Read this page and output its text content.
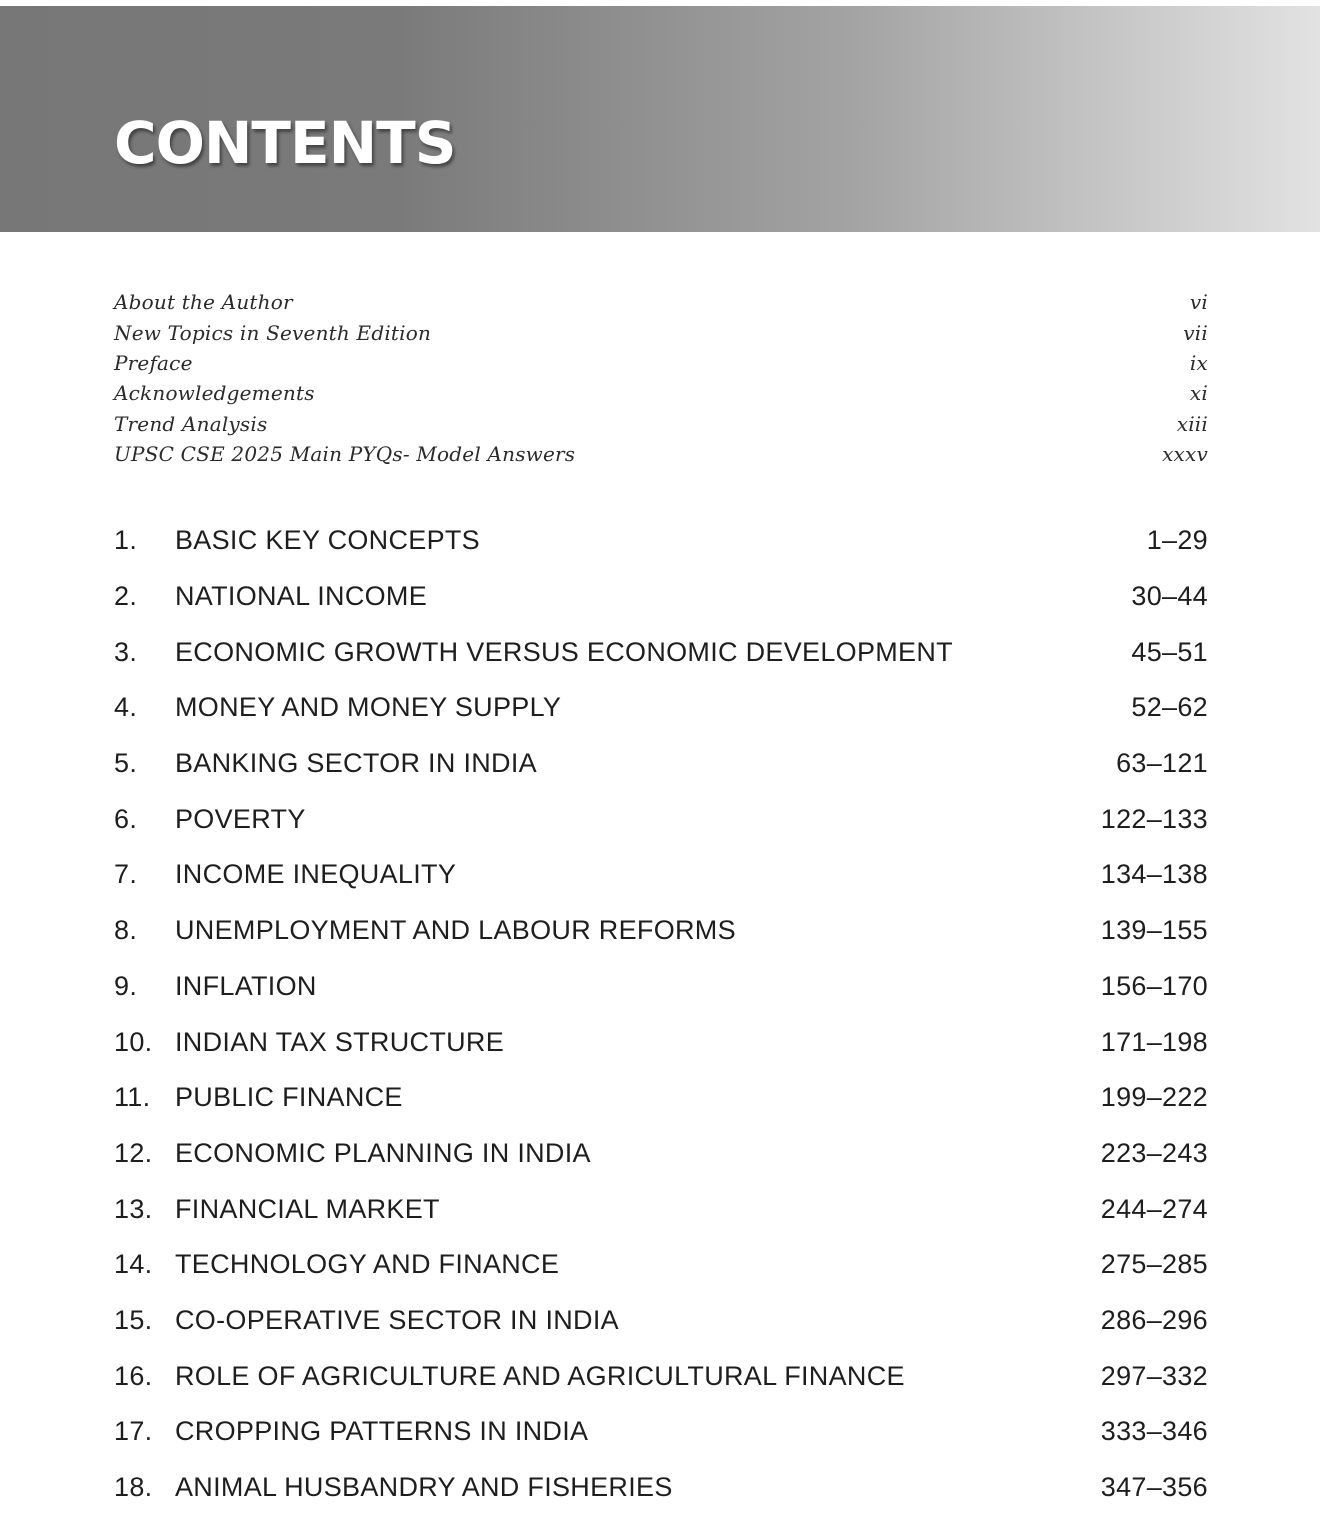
CONTENTS
About the Author	vi
New Topics in Seventh Edition	vii
Preface	ix
Acknowledgements	xi
Trend Analysis	xiii
UPSC CSE 2025 Main PYQs- Model Answers	xxxv
1.	BASIC KEY CONCEPTS	1–29
2.	NATIONAL INCOME	30–44
3.	ECONOMIC GROWTH VERSUS ECONOMIC DEVELOPMENT	45–51
4.	MONEY AND MONEY SUPPLY	52–62
5.	BANKING SECTOR IN INDIA	63–121
6.	POVERTY	122–133
7.	INCOME INEQUALITY	134–138
8.	UNEMPLOYMENT AND LABOUR REFORMS	139–155
9.	INFLATION	156–170
10. INDIAN TAX STRUCTURE	171–198
11. PUBLIC FINANCE	199–222
12. ECONOMIC PLANNING IN INDIA	223–243
13. FINANCIAL MARKET	244–274
14. TECHNOLOGY AND FINANCE	275–285
15. CO-OPERATIVE SECTOR IN INDIA	286–296
16. ROLE OF AGRICULTURE AND AGRICULTURAL FINANCE	297–332
17. CROPPING PATTERNS IN INDIA	333–346
18. ANIMAL HUSBANDRY AND FISHERIES	347–356
